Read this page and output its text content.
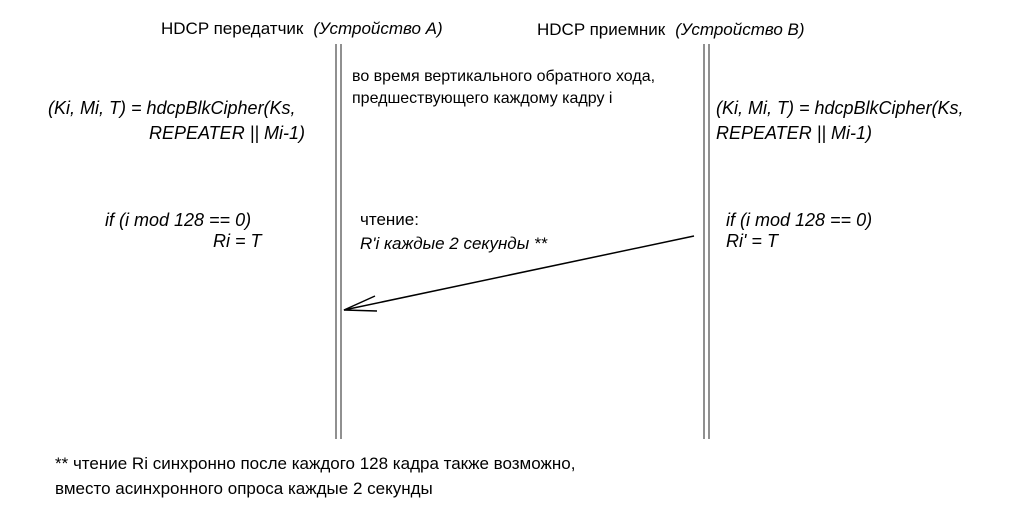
HDCP передатчик (Устройство A)	HDCP приемник (Устройство B)
(Ki, Mi, T) = hdcpBlkCipher(Ks,
REPEATER || Mi-1)
(Ki, Mi, T) = hdcpBlkCipher(Ks,
REPEATER || Mi-1)
во время вертикального обратного хода,
предшествующего каждому кадру i
if (i mod 128 == 0)
Ri = T
if (i mod 128 == 0)
Ri' = T
чтение:
R'i каждые 2 секунды **
** чтение Ri синхронно после каждого 128 кадра также возможно,
вместо асинхронного опроса каждые 2 секунды
